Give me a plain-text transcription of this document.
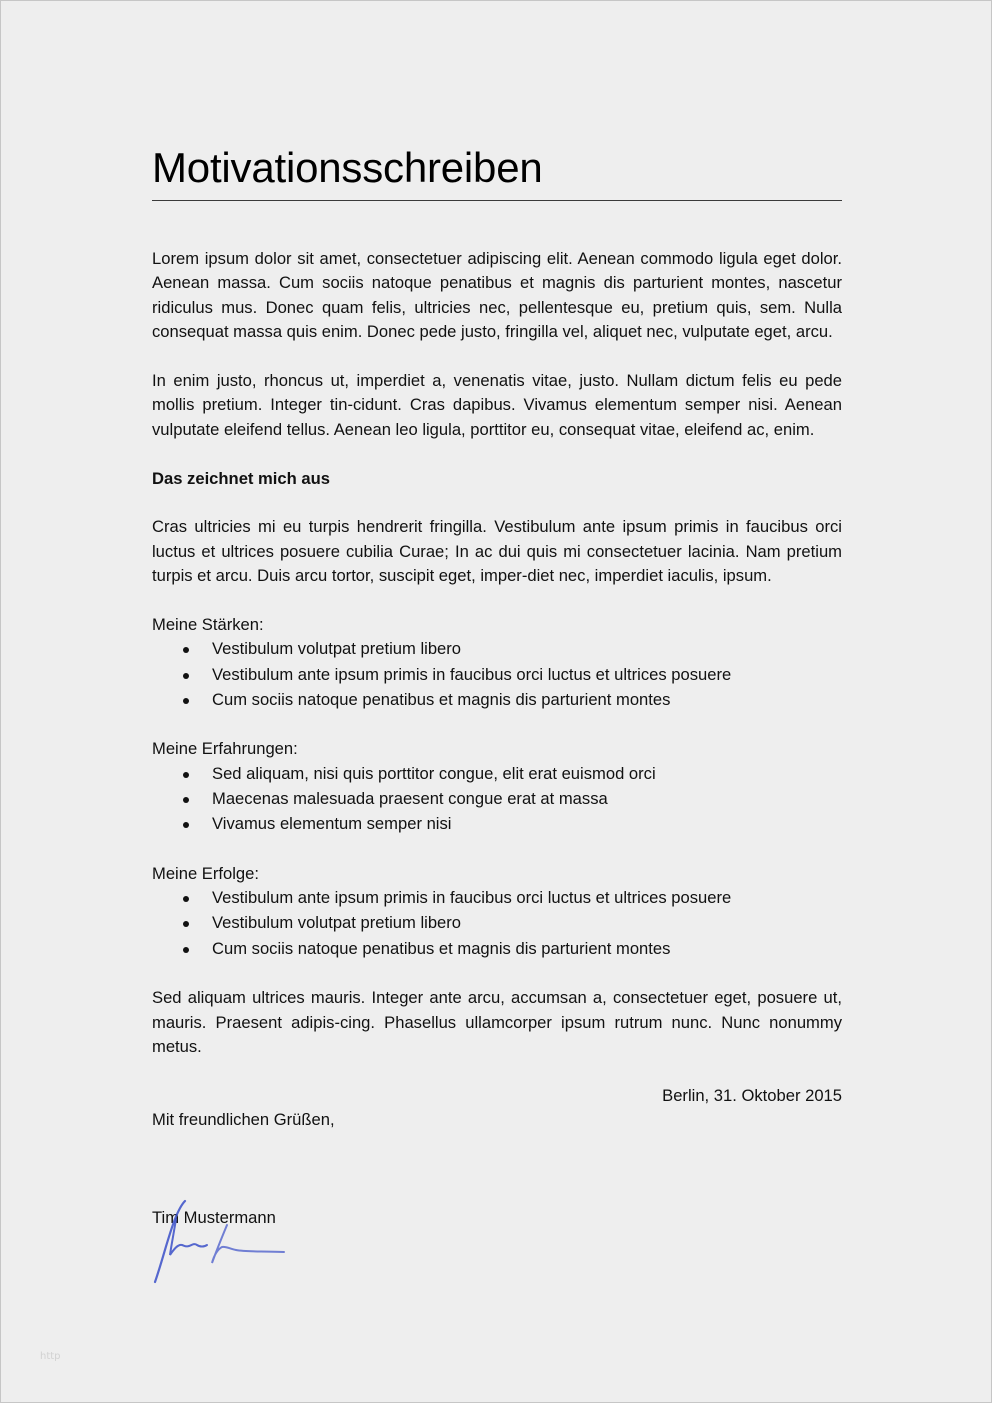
Motivationsschreiben

Lorem ipsum dolor sit amet, consectetuer adipiscing elit. Aenean commodo ligula eget dolor. Aenean massa. Cum sociis natoque penatibus et magnis dis parturient montes, nascetur ridiculus mus. Donec quam felis, ultricies nec, pellentesque eu, pretium quis, sem. Nulla consequat massa quis enim. Donec pede justo, fringilla vel, aliquet nec, vulputate eget, arcu.

In enim justo, rhoncus ut, imperdiet a, venenatis vitae, justo. Nullam dictum felis eu pede mollis pretium. Integer tin-cidunt. Cras dapibus. Vivamus elementum semper nisi. Aenean vulputate eleifend tellus. Aenean leo ligula, porttitor eu, consequat vitae, eleifend ac, enim.

Das zeichnet mich aus

Cras ultricies mi eu turpis hendrerit fringilla. Vestibulum ante ipsum primis in faucibus orci luctus et ultrices posuere cubilia Curae; In ac dui quis mi consectetuer lacinia. Nam pretium turpis et arcu. Duis arcu tortor, suscipit eget, imper-diet nec, imperdiet iaculis, ipsum.

Meine Stärken:

Vestibulum volutpat pretium libero
Vestibulum ante ipsum primis in faucibus orci luctus et ultrices posuere
Cum sociis natoque penatibus et magnis dis parturient montes

Meine Erfahrungen:

Sed aliquam, nisi quis porttitor congue, elit erat euismod orci
Maecenas malesuada praesent congue erat at massa
Vivamus elementum semper nisi

Meine Erfolge:

Vestibulum ante ipsum primis in faucibus orci luctus et ultrices posuere
Vestibulum volutpat pretium libero
Cum sociis natoque penatibus et magnis dis parturient montes

Sed aliquam ultrices mauris. Integer ante arcu, accumsan a, consectetuer eget, posuere ut, mauris. Praesent adipis-cing. Phasellus ullamcorper ipsum rutrum nunc. Nunc nonummy metus.

Berlin, 31. Oktober 2015

Mit freundlichen Grüßen,

Tim Mustermann

http
